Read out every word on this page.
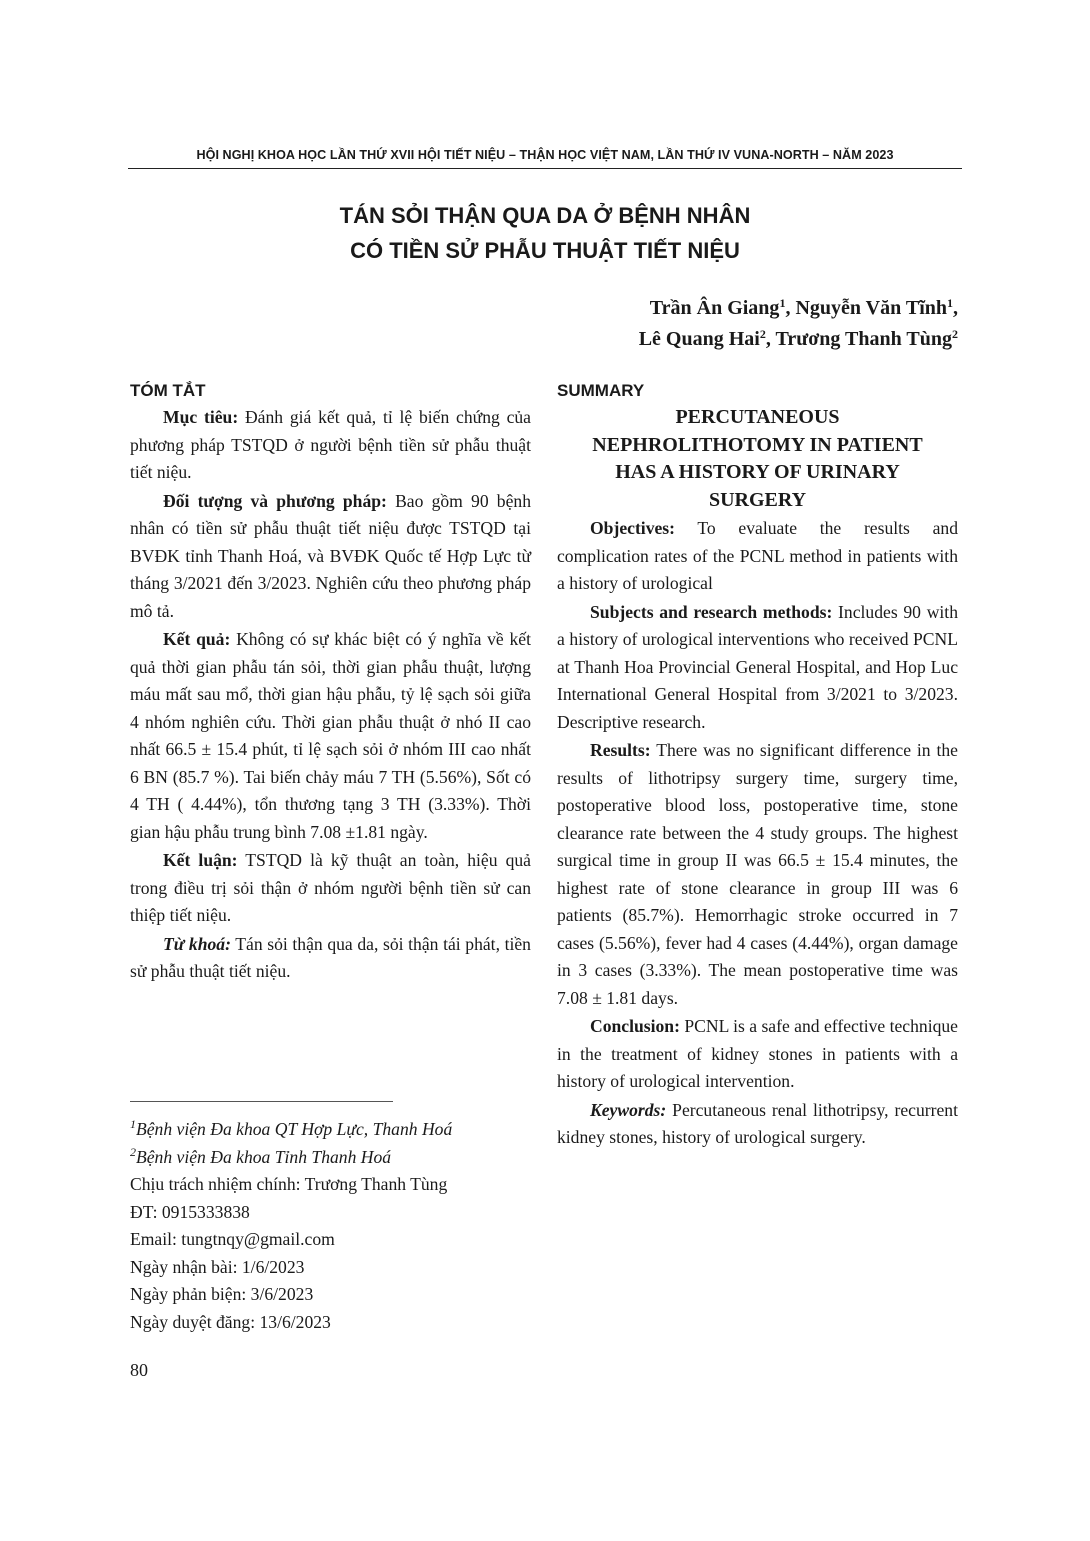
HỘI NGHỊ KHOA HỌC LẦN THỨ XVII HỘI TIẾT NIỆU – THẬN HỌC VIỆT NAM, LẦN THỨ IV VUNA-NORTH – NĂM 2023
TÁN SỎI THẬN QUA DA Ở BỆNH NHÂN
CÓ TIỀN SỬ PHẪU THUẬT TIẾT NIỆU
Trần Ân Giang$^1$, Nguyễn Văn Tĩnh$^1$,
Lê Quang Hai$^2$, Trương Thanh Tùng$^2$
TÓM TẮT

Mục tiêu: Đánh giá kết quả, tỉ lệ biến chứng của phương pháp TSTQD ở người bệnh tiền sử phẫu thuật tiết niệu.

Đối tượng và phương pháp: Bao gồm 90 bệnh nhân có tiền sử phẫu thuật tiết niệu được TSTQD tại BVĐK tỉnh Thanh Hoá, và BVĐK Quốc tế Hợp Lực từ tháng 3/2021 đến 3/2023. Nghiên cứu theo phương pháp mô tả.

Kết quả: Không có sự khác biệt có ý nghĩa về kết quả thời gian phẫu tán sỏi, thời gian phẫu thuật, lượng máu mất sau mổ, thời gian hậu phẫu, tỷ lệ sạch sỏi giữa 4 nhóm nghiên cứu. Thời gian phẫu thuật ở nhó II cao nhất 66.5 ± 15.4 phút, tỉ lệ sạch sỏi ở nhóm III cao nhất 6 BN (85.7 %). Tai biến chảy máu 7 TH (5.56%), Sốt có 4 TH ( 4.44%), tổn thương tạng 3 TH (3.33%). Thời gian hậu phẫu trung bình 7.08 ±1.81 ngày.

Kết luận: TSTQD là kỹ thuật an toàn, hiệu quả trong điều trị sỏi thận ở nhóm người bệnh tiền sử can thiệp tiết niệu.

Từ khoá: Tán sỏi thận qua da, sỏi thận tái phát, tiền sử phẫu thuật tiết niệu.

SUMMARY
PERCUTANEOUS
NEPHROLITHOTOMY IN PATIENT
HAS A HISTORY OF URINARY
SURGERY

Objectives: To evaluate the results and complication rates of the PCNL method in patients with a history of urological

Subjects and research methods: Includes 90 with a history of urological interventions who received PCNL at Thanh Hoa Provincial General Hospital, and Hop Luc International General Hospital from 3/2021 to 3/2023. Descriptive research.

Results: There was no significant difference in the results of lithotripsy surgery time, surgery time, postoperative blood loss, postoperative time, stone clearance rate between the 4 study groups. The highest surgical time in group II was 66.5 ± 15.4 minutes, the highest rate of stone clearance in group III was 6 patients (85.7%). Hemorrhagic stroke occurred in 7 cases (5.56%), fever had 4 cases (4.44%), organ damage in 3 cases (3.33%). The mean postoperative time was 7.08 ± 1.81 days.

Conclusion: PCNL is a safe and effective technique in the treatment of kidney stones in patients with a history of urological intervention.

Keywords: Percutaneous renal lithotripsy, recurrent kidney stones, history of urological surgery.

$^1$Bệnh viện Đa khoa QT Hợp Lực, Thanh Hoá
$^2$Bệnh viện Đa khoa Tỉnh Thanh Hoá
Chịu trách nhiệm chính: Trương Thanh Tùng
ĐT: 0915333838
Email: tungtnqy@gmail.com
Ngày nhận bài: 1/6/2023
Ngày phản biện: 3/6/2023
Ngày duyệt đăng: 13/6/2023
80
